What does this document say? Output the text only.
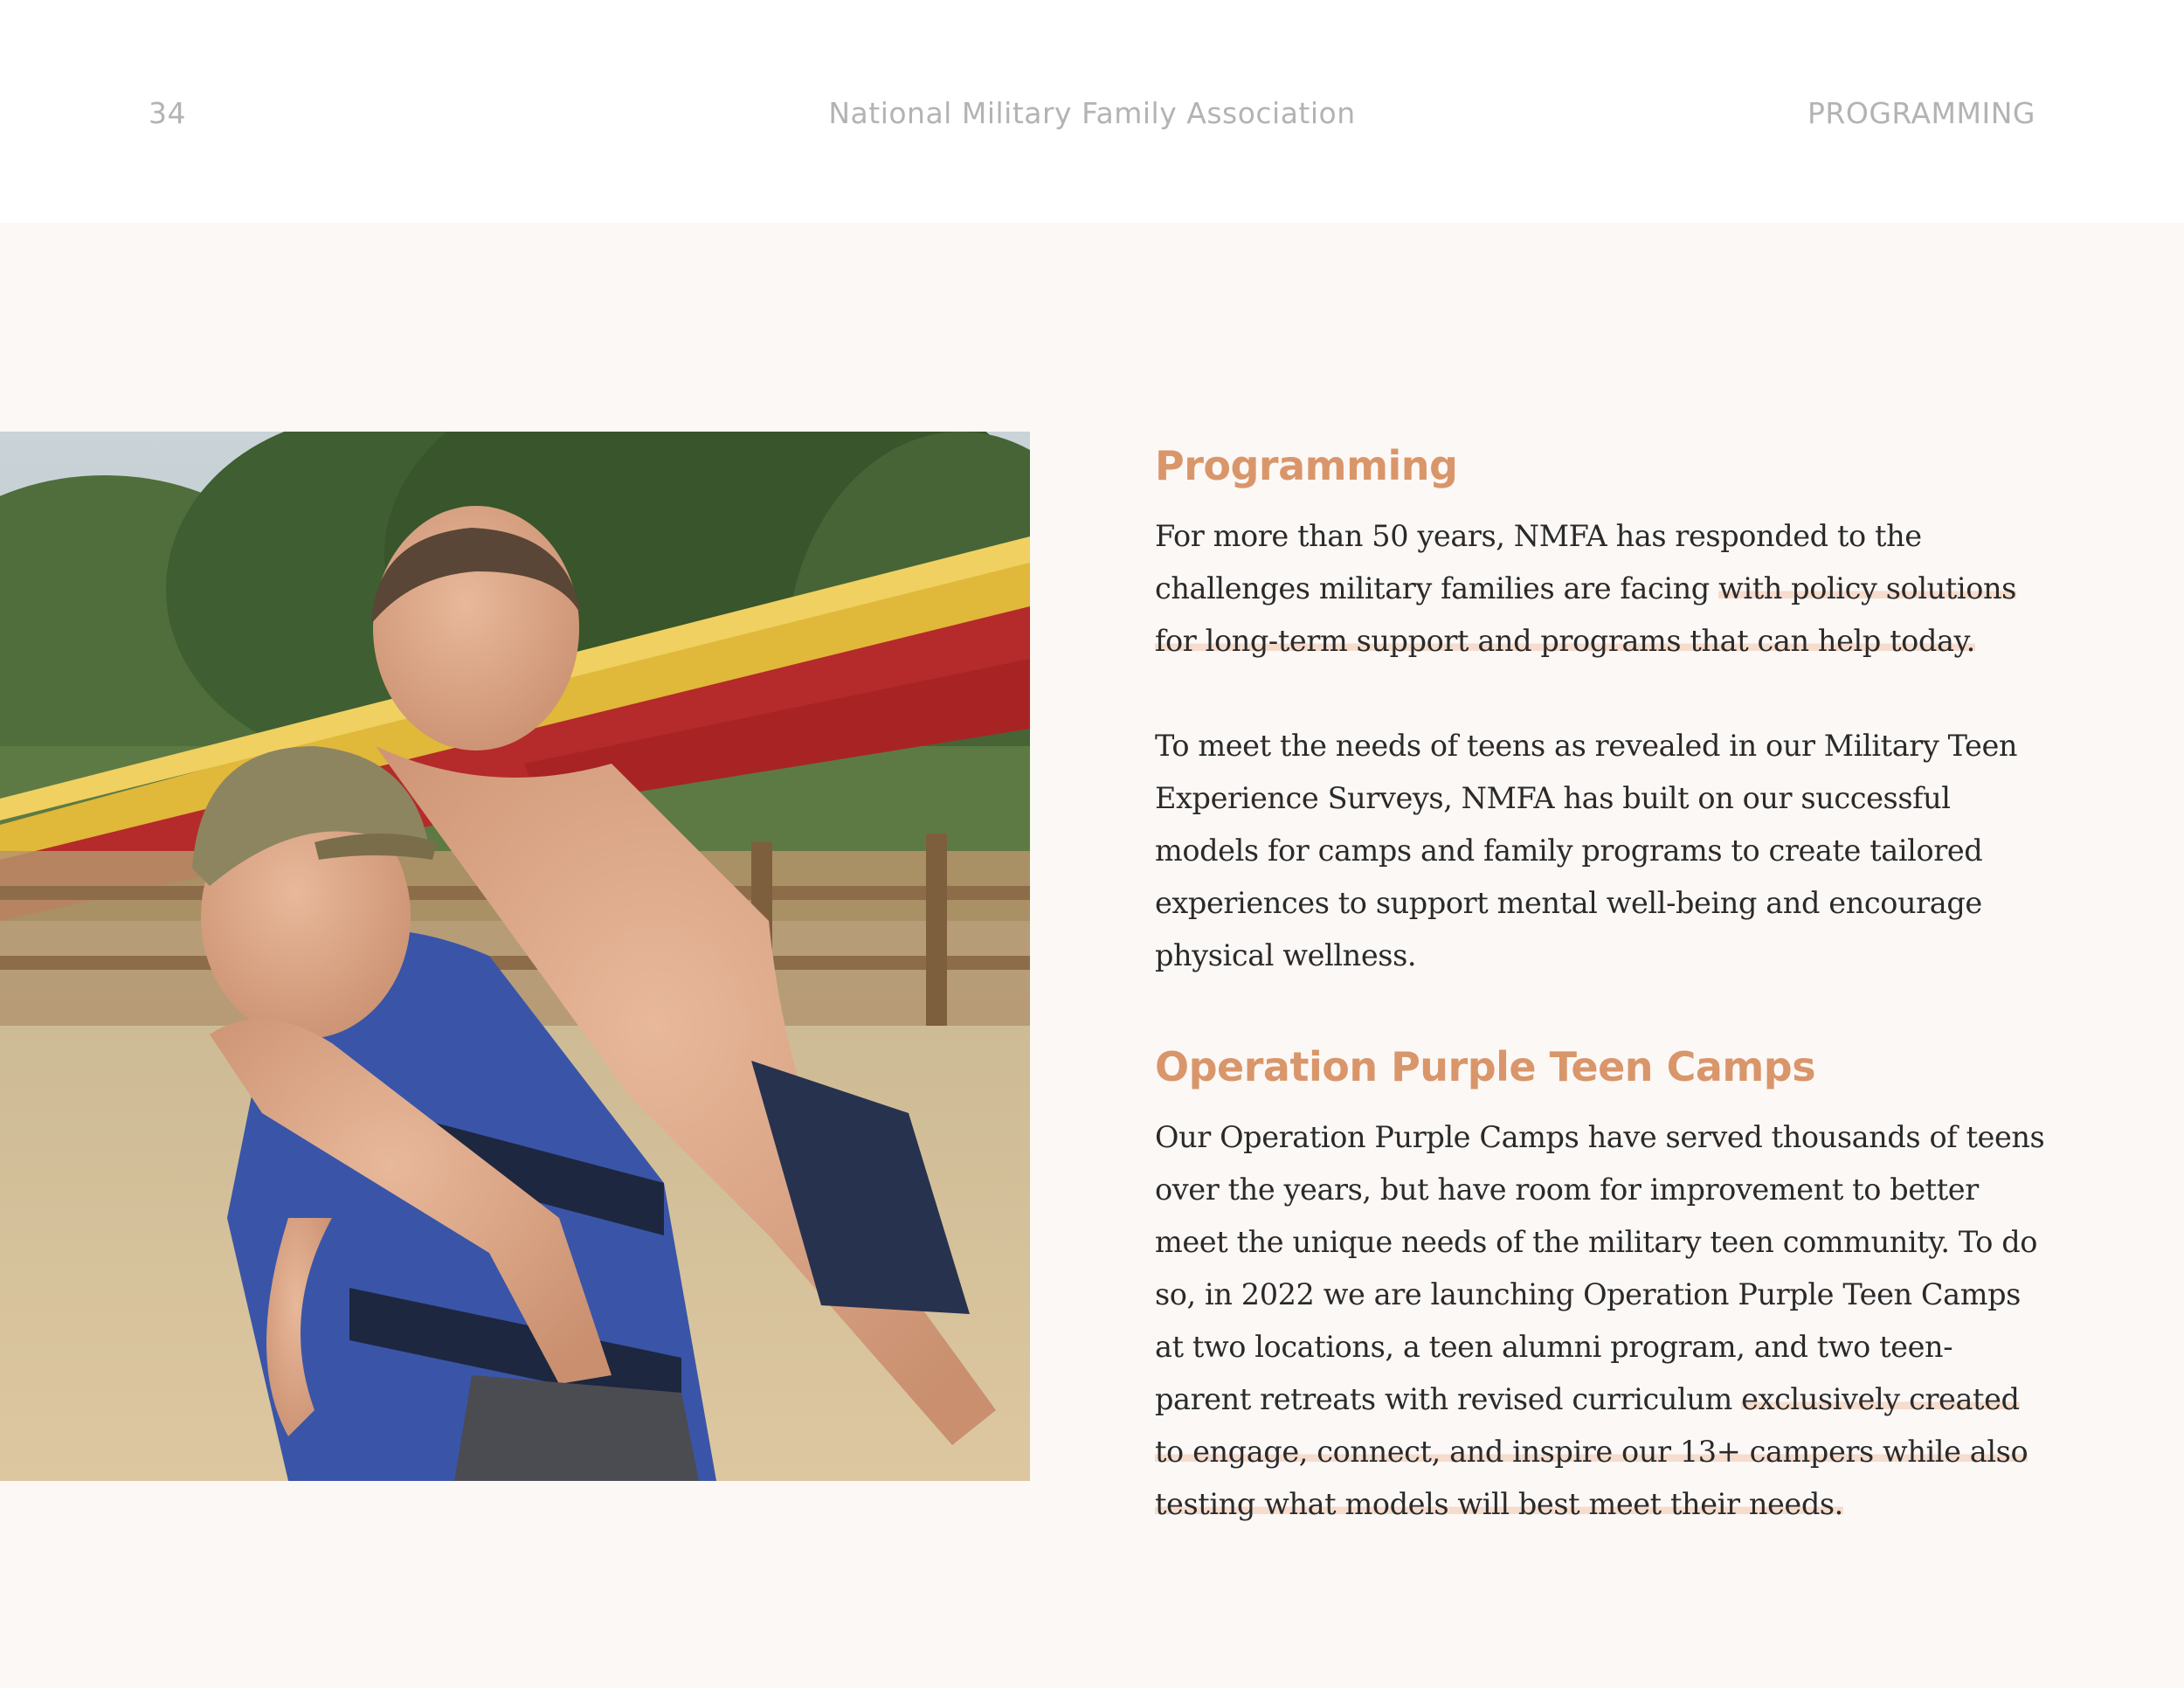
34	National Military Family Association	PROGRAMMING
Programming

For more than 50 years, NMFA has responded to the challenges military families are facing with policy solutions for long-term support and programs that can help today.

To meet the needs of teens as revealed in our Military Teen Experience Surveys, NMFA has built on our successful models for camps and family programs to create tailored experiences to support mental well-being and encourage physical wellness.

Operation Purple Teen Camps

Our Operation Purple Camps have served thousands of teens over the years, but have room for improvement to better meet the unique needs of the military teen community. To do so, in 2022 we are launching Operation Purple Teen Camps at two locations, a teen alumni program, and two teen-parent retreats with revised curriculum exclusively created to engage, connect, and inspire our 13+ campers while also testing what models will best meet their needs.
